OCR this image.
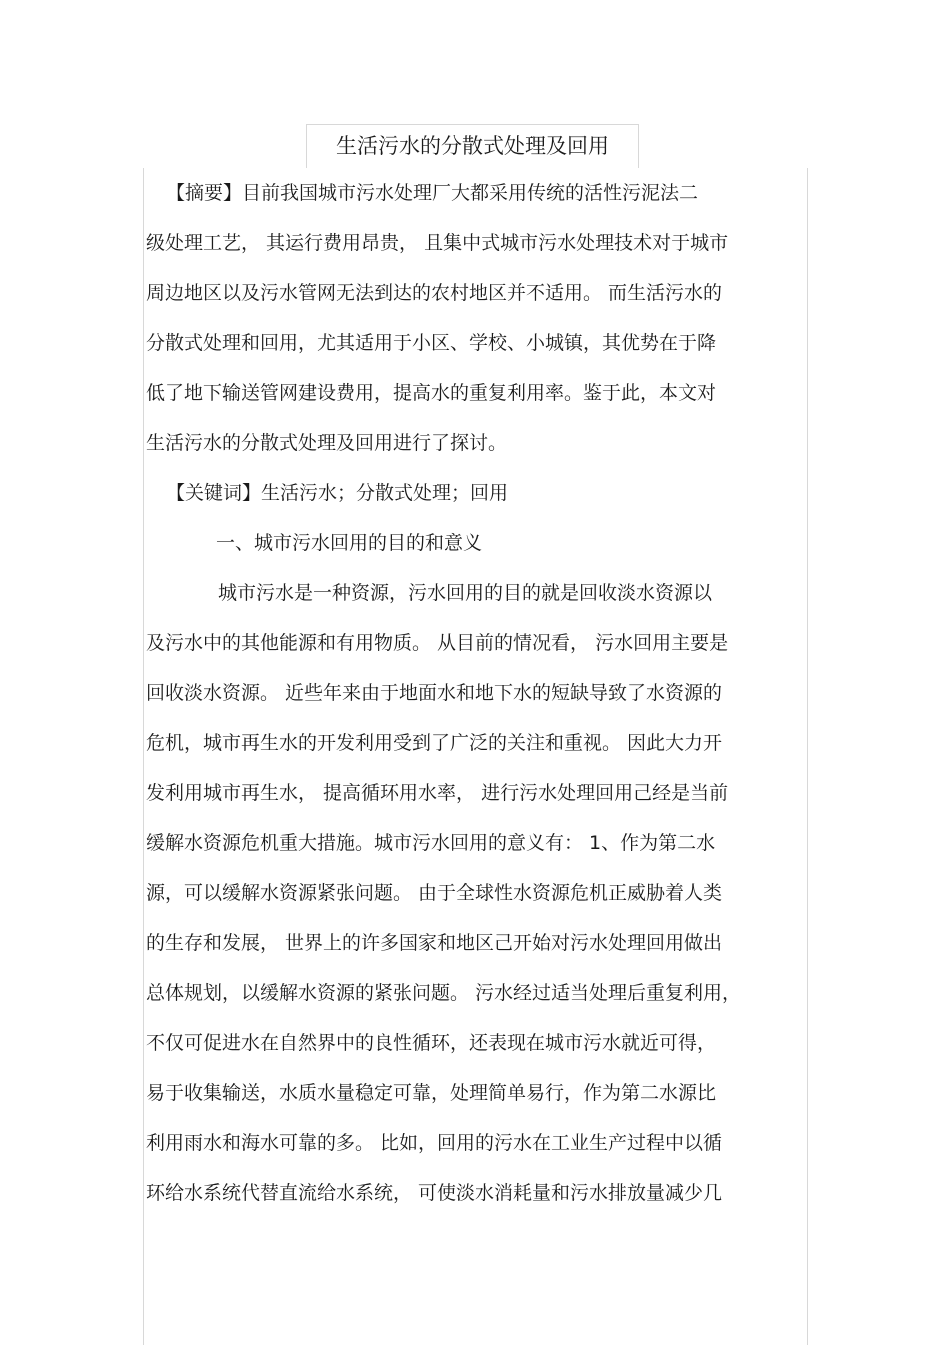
生活污水的分散式处理及回用
【摘要】目前我国城市污水处理厂大都采用传统的活性污泥法二
级处理工艺， 其运行费用昂贵， 且集中式城市污水处理技术对于城市
周边地区以及污水管网无法到达的农村地区并不适用。 而生活污水的
分散式处理和回用，尤其适用于小区、学校、小城镇，其优势在于降
低了地下输送管网建设费用，提高水的重复利用率。鉴于此，本文对
生活污水的分散式处理及回用进行了探讨。
【关键词】生活污水；分散式处理；回用
一、城市污水回用的目的和意义
城市污水是一种资源，污水回用的目的就是回收淡水资源以
及污水中的其他能源和有用物质。 从目前的情况看， 污水回用主要是
回收淡水资源。 近些年来由于地面水和地下水的短缺导致了水资源的
危机，城市再生水的开发利用受到了广泛的关注和重视。 因此大力开
发利用城市再生水， 提高循环用水率， 进行污水处理回用己经是当前
缓解水资源危机重大措施。城市污水回用的意义有： 1、作为第二水
源，可以缓解水资源紧张问题。 由于全球性水资源危机正威胁着人类
的生存和发展， 世界上的许多国家和地区己开始对污水处理回用做出
总体规划，以缓解水资源的紧张问题。 污水经过适当处理后重复利用，
不仅可促进水在自然界中的良性循环，还表现在城市污水就近可得，
易于收集输送，水质水量稳定可靠，处理简单易行，作为第二水源比
利用雨水和海水可靠的多。 比如，回用的污水在工业生产过程中以循
环给水系统代替直流给水系统， 可使淡水消耗量和污水排放量减少几
